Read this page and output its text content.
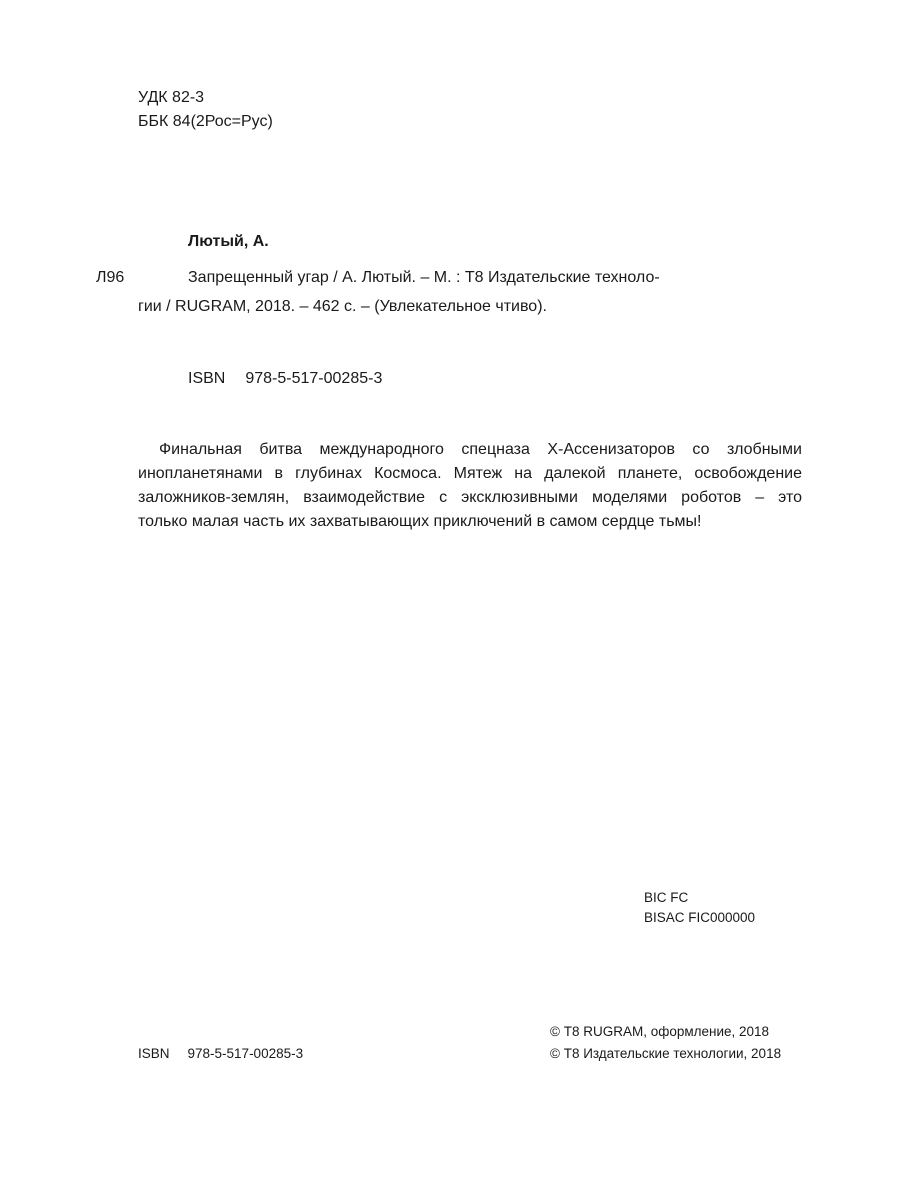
УДК 82-3
ББК 84(2Рос=Рус)
Лютый, А.
Л96	Запрещенный угар / А. Лютый. – М. : Т8 Издательские техноло-
гии / RUGRAM, 2018. – 462 с. – (Увлекательное чтиво).
ISBN 978-5-517-00285-3
Финальная битва международного спецназа Х-Ассенизаторов со злобными
инопланетянами в глубинах Космоса. Мятеж на далекой планете, освобождение
заложников-землян, взаимодействие с эксклюзивными моделями роботов – это
только малая часть их захватывающих приключений в самом сердце тьмы!
BIC FC
BISAC FIC000000
© Т8 RUGRAM, оформление, 2018
© Т8 Издательские технологии, 2018
ISBN 978-5-517-00285-3
